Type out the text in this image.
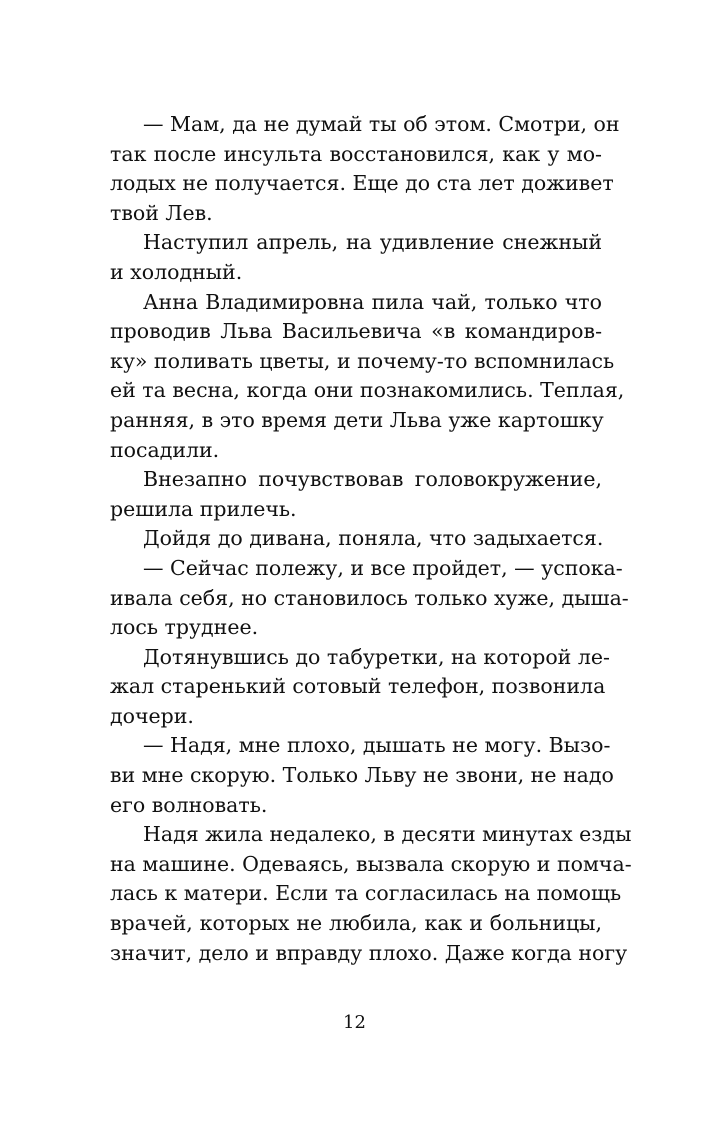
— Мам, да не думай ты об этом. Смотри, он
так после инсульта восстановился, как у мо-
лодых не получается. Еще до ста лет доживет
твой Лев.

Наступил апрель, на удивление снежный
и холодный.

Анна Владимировна пила чай, только что
проводив Льва Васильевича «в командиров-
ку» поливать цветы, и почему-то вспомнилась
ей та весна, когда они познакомились. Теплая,
ранняя, в это время дети Льва уже картошку
посадили.

Внезапно почувствовав головокружение,
решила прилечь.

Дойдя до дивана, поняла, что задыхается.

— Сейчас полежу, и все пройдет, — успока-
ивала себя, но становилось только хуже, дыша-
лось труднее.

Дотянувшись до табуретки, на которой ле-
жал старенький сотовый телефон, позвонила
дочери.

— Надя, мне плохо, дышать не могу. Вызо-
ви мне скорую. Только Льву не звони, не надо
его волновать.

Надя жила недалеко, в десяти минутах езды
на машине. Одеваясь, вызвала скорую и помча-
лась к матери. Если та согласилась на помощь
врачей, которых не любила, как и больницы,
значит, дело и вправду плохо. Даже когда ногу

12
